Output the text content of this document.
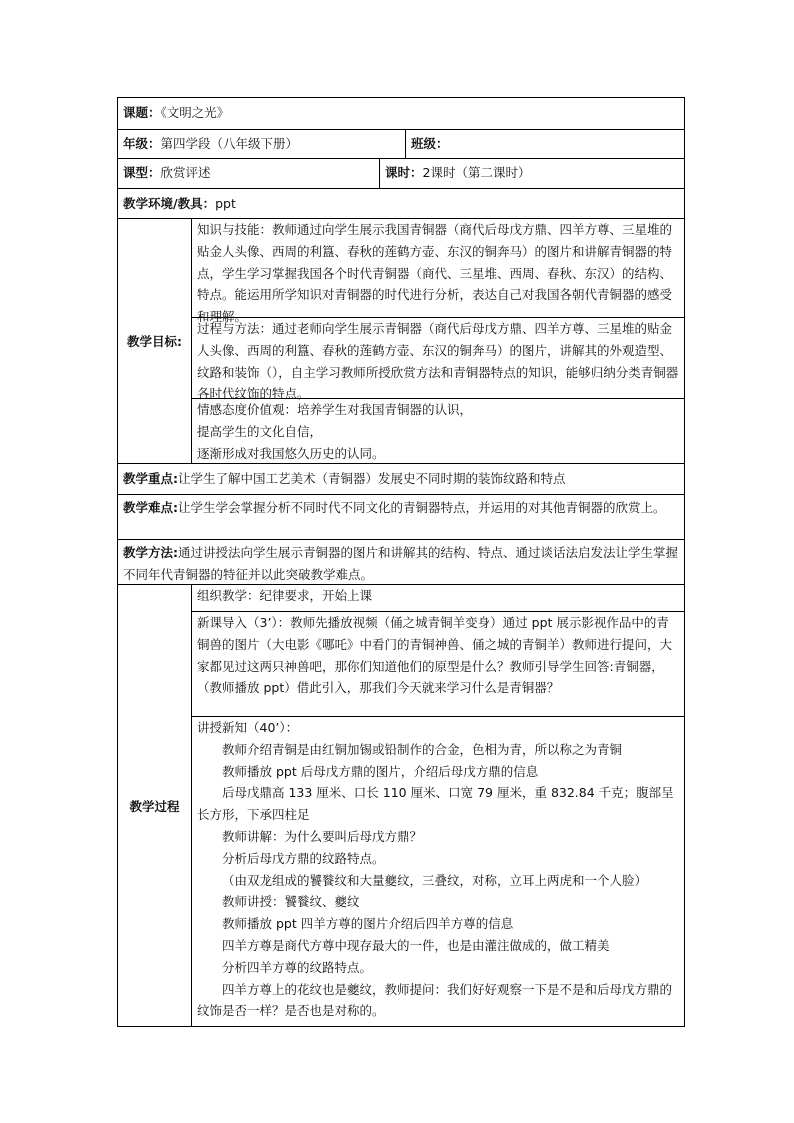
课题：《文明之光》
年级：第四学段（八年级下册）	班级：
课型：欣赏评述	课时：2课时（第二课时）
教学环境/教具：ppt
教学目标:
知识与技能：教师通过向学生展示我国青铜器（商代后母戊方鼎、四羊方尊、三星堆的贴金人头像、西周的利簋、春秋的莲鹤方壶、东汉的铜奔马）的图片和讲解青铜器的特点，学生学习掌握我国各个时代青铜器（商代、三星堆、西周、春秋、东汉）的结构、特点。能运用所学知识对青铜器的时代进行分析，表达自己对我国各朝代青铜器的感受和理解。
过程与方法：通过老师向学生展示青铜器（商代后母戊方鼎、四羊方尊、三星堆的贴金人头像、西周的利簋、春秋的莲鹤方壶、东汉的铜奔马）的图片，讲解其的外观造型、纹路和装饰（），自主学习教师所授欣赏方法和青铜器特点的知识，能够归纳分类青铜器各时代纹饰的特点。
情感态度价值观：培养学生对我国青铜器的认识，
提高学生的文化自信，
逐渐形成对我国悠久历史的认同。
教学重点:让学生了解中国工艺美术（青铜器）发展史不同时期的装饰纹路和特点
教学难点:让学生学会掌握分析不同时代不同文化的青铜器特点，并运用的对其他青铜器的欣赏上。
教学方法:通过讲授法向学生展示青铜器的图片和讲解其的结构、特点、通过谈话法启发法让学生掌握不同年代青铜器的特征并以此突破教学难点。
教学过程
组织教学：纪律要求，开始上课
新课导入（3’）：教师先播放视频（俑之城青铜羊变身）通过 ppt 展示影视作品中的青铜兽的图片（大电影《哪吒》中看门的青铜神兽、俑之城的青铜羊）教师进行提问，大家都见过这两只神兽吧，那你们知道他们的原型是什么？教师引导学生回答:青铜器，（教师播放 ppt）借此引入，那我们今天就来学习什么是青铜器？
讲授新知（40’）：
教师介绍青铜是由红铜加锡或铅制作的合金，色相为青，所以称之为青铜
教师播放 ppt 后母戊方鼎的图片，介绍后母戊方鼎的信息
后母戊鼎高 133 厘米、口长 110 厘米、口宽 79 厘米，重 832.84 千克；腹部呈长方形，下承四柱足
教师讲解：为什么要叫后母戊方鼎？
分析后母戊方鼎的纹路特点。
（由双龙组成的饕餮纹和大量夔纹，三叠纹，对称，立耳上两虎和一个人脸）
教师讲授：饕餮纹、夔纹
教师播放 ppt 四羊方尊的图片介绍后四羊方尊的信息
四羊方尊是商代方尊中现存最大的一件，也是由灌注做成的，做工精美
分析四羊方尊的纹路特点。
四羊方尊上的花纹也是夔纹，教师提问：我们好好观察一下是不是和后母戊方鼎的纹饰是否一样？是否也是对称的。
